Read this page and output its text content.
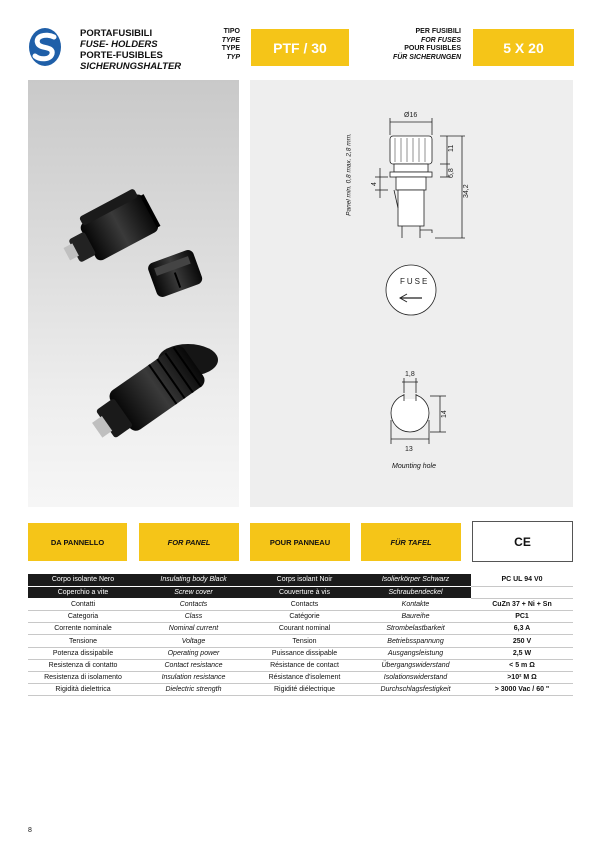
PORTAFUSIBILI
FUSE- HOLDERS
PORTE-FUSIBLES
SICHERUNGSHALTER
TIPO
TYPE
TYPE
TYP
PTF / 30
PER FUSIBILI
FOR FUSES
POUR FUSIBLES
FÜR SICHERUNGEN
5 X 20
Ø16
11
6,8
34,2
4
FUSE
1,8
14
13
Panel min. 0,8 max. 2,8 mm.
Mounting hole
DA PANNELLO	FOR PANEL	POUR PANNEAU	FÜR TAFEL	CE
Corpo isolante Nero	Insulating body Black	Corps isolant Noir	Isolierkörper Schwarz	PC UL 94 V0
Coperchio a vite	Screw cover	Couverture à vis	Schraubendeckel	
Contatti	Contacts	Contacts	Kontakte	CuZn 37 + Ni + Sn
Categoria	Class	Catégorie	Baureihe	PC1
Corrente nominale	Nominal current	Courant nominal	Strombelastbarkeit	6,3 A
Tensione	Voltage	Tension	Betriebsspannung	250 V
Potenza dissipabile	Operating power	Puissance dissipable	Ausgangsleistung	2,5 W
Resistenza di contatto	Contact resistance	Résistance de contact	Übergangswiderstand	< 5 m Ω
Resistenza di isolamento	Insulation resistance	Résistance d'isolement	Isolationswiderstand	>10² M Ω
Rigidità dielettrica	Dielectric strength	Rigidité diélectrique	Durchschlagsfestigkeit	> 3000 Vac / 60 "
8
